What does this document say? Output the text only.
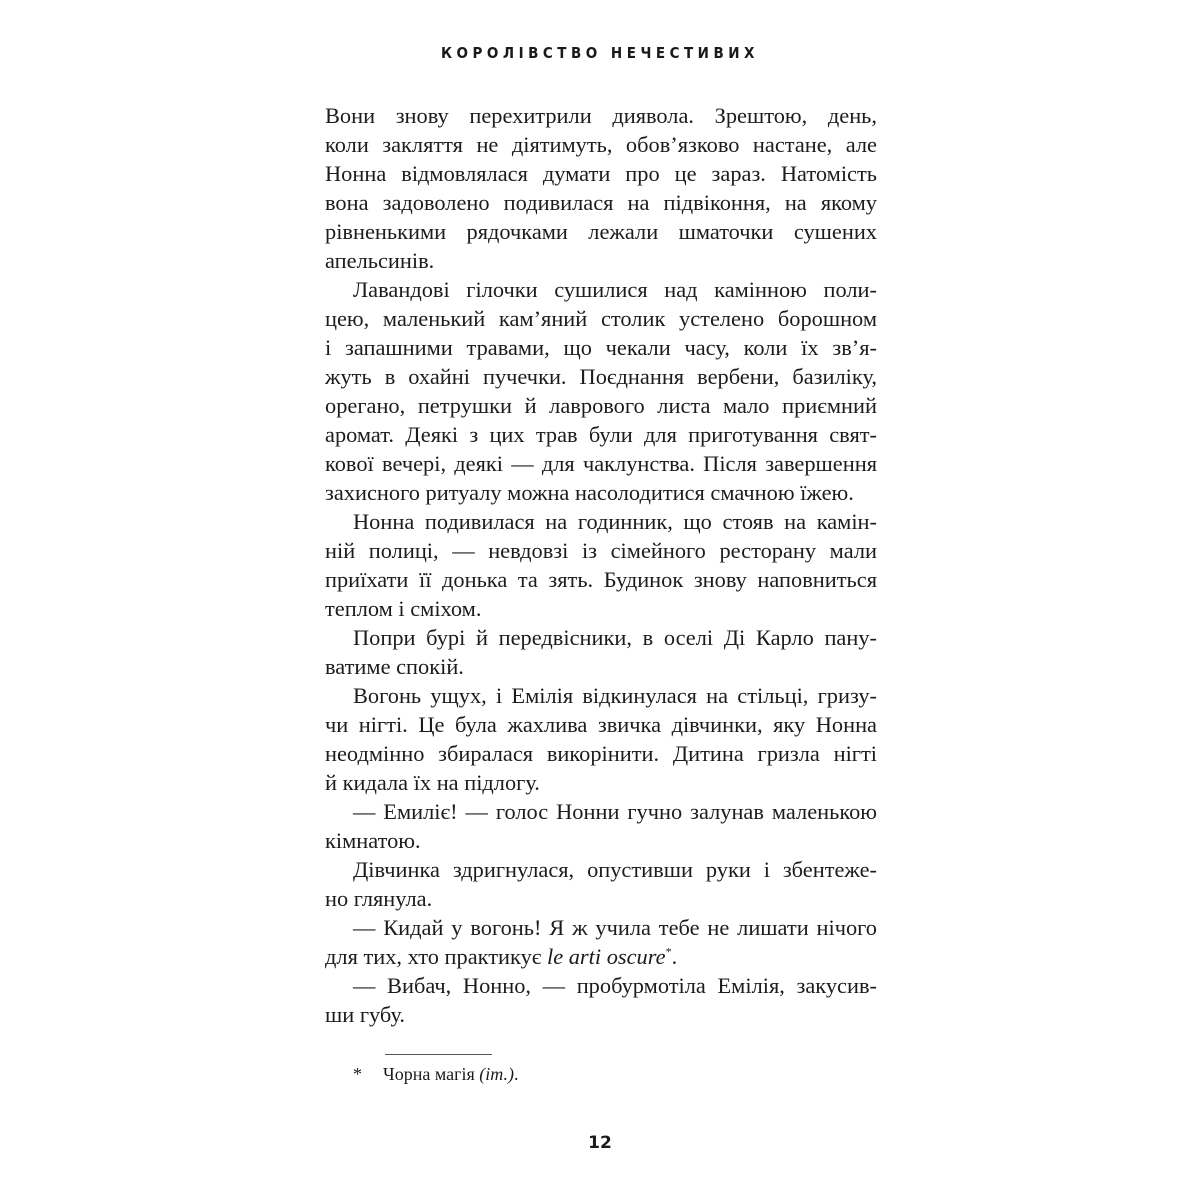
КОРОЛІВСТВО НЕЧЕСТИВИХ
Вони знову перехитрили диявола. Зрештою, день,
коли закляття не діятимуть, обов’язково настане, але
Нонна відмовлялася думати про це зараз. Натомість
вона задоволено подивилася на підвіконня, на якому
рівненькими рядочками лежали шматочки сушених
апельсинів.
Лавандові гілочки сушилися над камінною поли-
цею, маленький кам’яний столик устелено борошном
і запашними травами, що чекали часу, коли їх зв’я-
жуть в охайні пучечки. Поєднання вербени, базиліку,
орегано, петрушки й лаврового листа мало приємний
аромат. Деякі з цих трав були для приготування свят-
кової вечері, деякі — для чаклунства. Після завершення
захисного ритуалу можна насолодитися смачною їжею.
Нонна подивилася на годинник, що стояв на камін-
ній полиці, — невдовзі із сімейного ресторану мали
приїхати її донька та зять. Будинок знову наповниться
теплом і сміхом.
Попри бурі й передвісники, в оселі Ді Карло пану-
ватиме спокій.
Вогонь ущух, і Емілія відкинулася на стільці, гризу-
чи нігті. Це була жахлива звичка дівчинки, яку Нонна
неодмінно збиралася викорінити. Дитина гризла нігті
й кидала їх на підлогу.
— Емиліє! — голос Нонни гучно залунав маленькою
кімнатою.
Дівчинка здригнулася, опустивши руки і збентеже-
но глянула.
— Кидай у вогонь! Я ж учила тебе не лишати нічого
для тих, хто практикує le arti oscure*.
— Вибач, Нонно, — пробурмотіла Емілія, закусив-
ши губу.
* Чорна магія (іт.).
12
